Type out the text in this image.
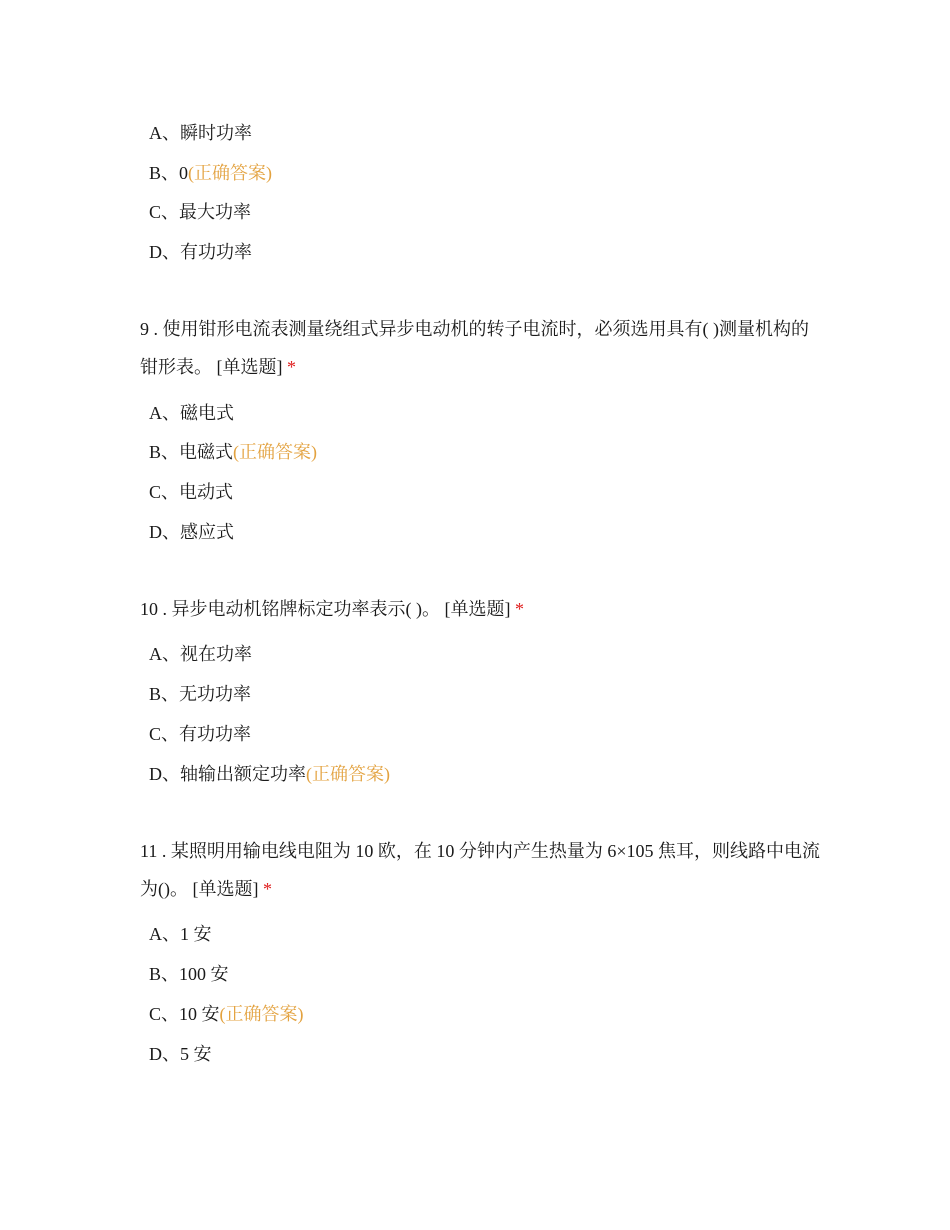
A、瞬时功率
B、0(正确答案)
C、最大功率
D、有功功率
9 . 使用钳形电流表测量绕组式异步电动机的转子电流时，必须选用具有( )测量机构的钳形表。 [单选题] *
A、磁电式
B、电磁式(正确答案)
C、电动式
D、感应式
10 . 异步电动机铭牌标定功率表示( )。 [单选题] *
A、视在功率
B、无功功率
C、有功功率
D、轴输出额定功率(正确答案)
11 . 某照明用输电线电阻为 10 欧，在 10 分钟内产生热量为 6×105 焦耳，则线路中电流为()。 [单选题] *
A、1 安
B、100 安
C、10 安(正确答案)
D、5 安
